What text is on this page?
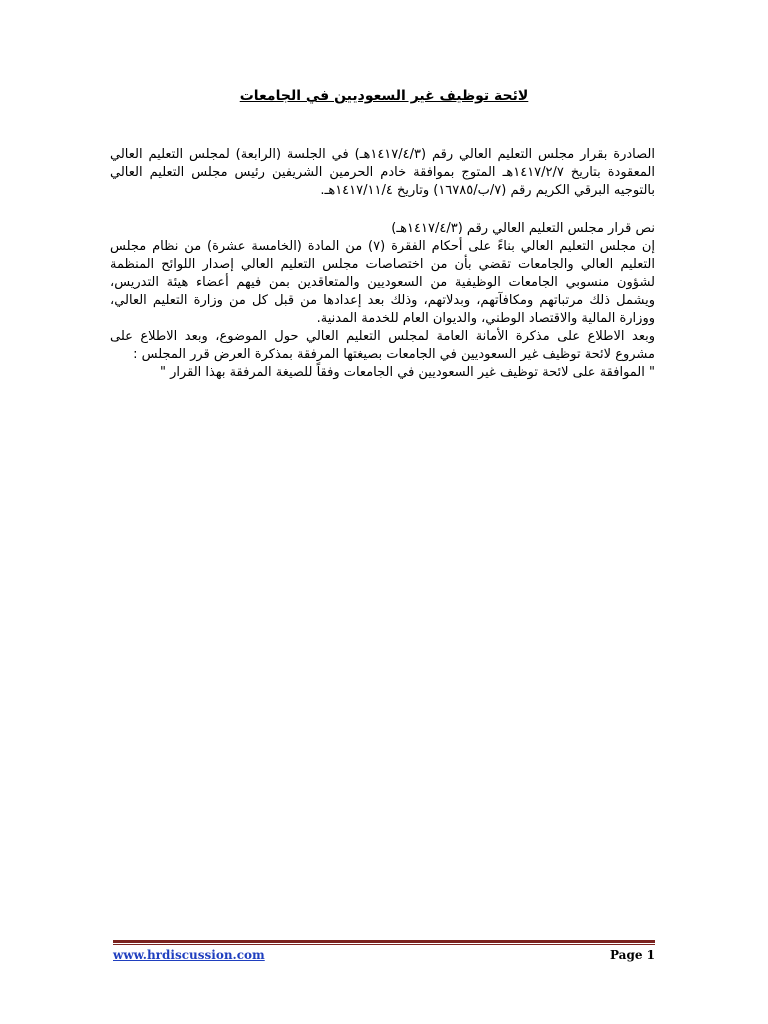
لائحة توظيف غير السعوديين في الجامعات

الصادرة بقرار مجلس التعليم العالي رقم (١٤١٧/٤/٣هـ) في الجلسة (الرابعة) لمجلس التعليم العالي المعقودة بتاريخ ١٤١٧/٢/٧هـ المتوج بموافقة خادم الحرمين الشريفين رئيس مجلس التعليم العالي بالتوجيه البرقي الكريم رقم (٧/ب/١٦٧٨٥) وتاريخ ١٤١٧/١١/٤هـ.

نص قرار مجلس التعليم العالي رقم (١٤١٧/٤/٣هـ)

إن مجلس التعليم العالي بناءً على أحكام الفقرة (٧) من المادة (الخامسة عشرة) من نظام مجلس التعليم العالي والجامعات تقضي بأن من اختصاصات مجلس التعليم العالي إصدار اللوائح المنظمة لشؤون منسوبي الجامعات الوظيفية من السعوديين والمتعاقدين بمن فيهم أعضاء هيئة التدريس، ويشمل ذلك مرتباتهم ومكافآتهم، وبدلاتهم، وذلك بعد إعدادها من قبل كل من وزارة التعليم العالي، ووزارة المالية والاقتصاد الوطني، والديوان العام للخدمة المدنية.

وبعد الاطلاع على مذكرة الأمانة العامة لمجلس التعليم العالي حول الموضوع، وبعد الاطلاع على مشروع لائحة توظيف غير السعوديين في الجامعات بصيغتها المرفقة بمذكرة العرض قرر المجلس :

" الموافقة على لائحة توظيف غير السعوديين في الجامعات وفقاً للصيغة المرفقة بهذا القرار "

www.hrdiscussion.com	Page 1
